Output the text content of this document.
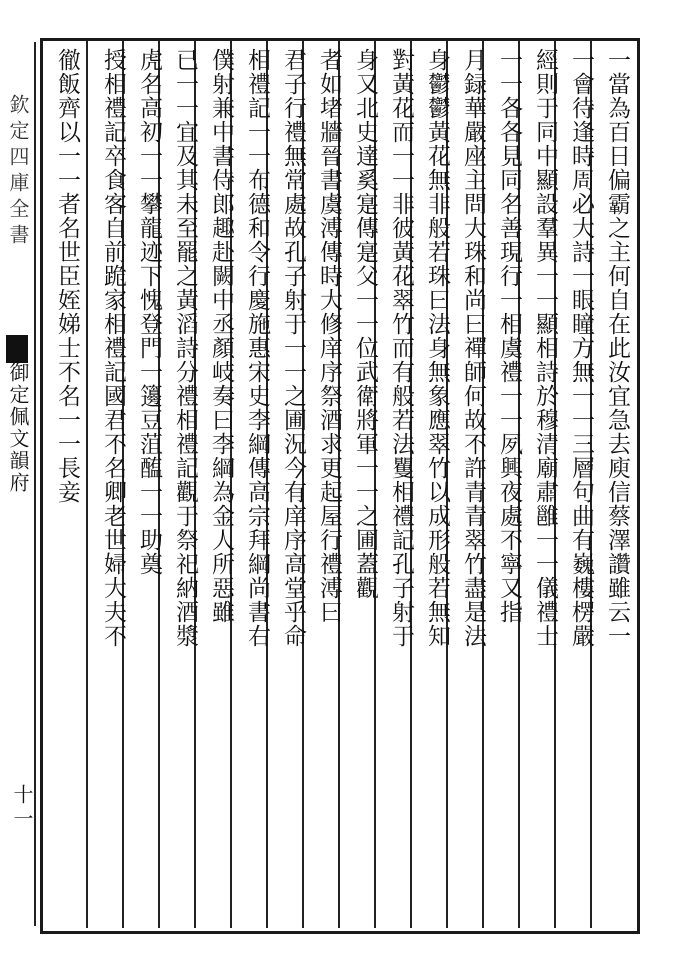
欽定四庫全書
御定佩文韻府
十一
一當為百日偏霸之主何自在此汝宜急去庾信蔡澤讚雖云一
一會待逢時周必大詩一眼瞳方無一一三層句曲有巍樓楞嚴
經則于同中顯設羣異一一顯相詩於穆清廟肅雝一一儀禮士
一一各各見同名善現行一相虞禮一一夙興夜處不寧又指
月録華嚴座主問大珠和尚曰禪師何故不許青青翠竹盡是法
身鬱鬱黃花無非般若珠曰法身無象應翠竹以成形般若無知
對黃花而一一非彼黃花翠竹而有般若法矍相禮記孔子射于
身又北史達奚寔傳寔父一一位武衛將軍一一之圃蓋觀
者如堵牆晉書虞溥傳時大修庠序祭酒求更起屋行禮溥曰
君子行禮無常處故孔子射于一一之圃況今有庠序高堂乎命
相禮記一一布德和令行慶施惠宋史李綱傳高宗拜綱尚書右
僕射兼中書侍郎趣赴闕中丞顏岐奏曰李綱為金人所惡雖
已一一宜及其未至罷之黃滔詩分禮相禮記觀于祭祀納酒漿
虎名高初一一攀龍迹下愧登門一籩豆菹醢一一助奠
授相禮記卒食客自前跪家相禮記國君不名卿老世婦大夫不
徹飯齊以一一者名世臣姪娣士不名一一長妾
